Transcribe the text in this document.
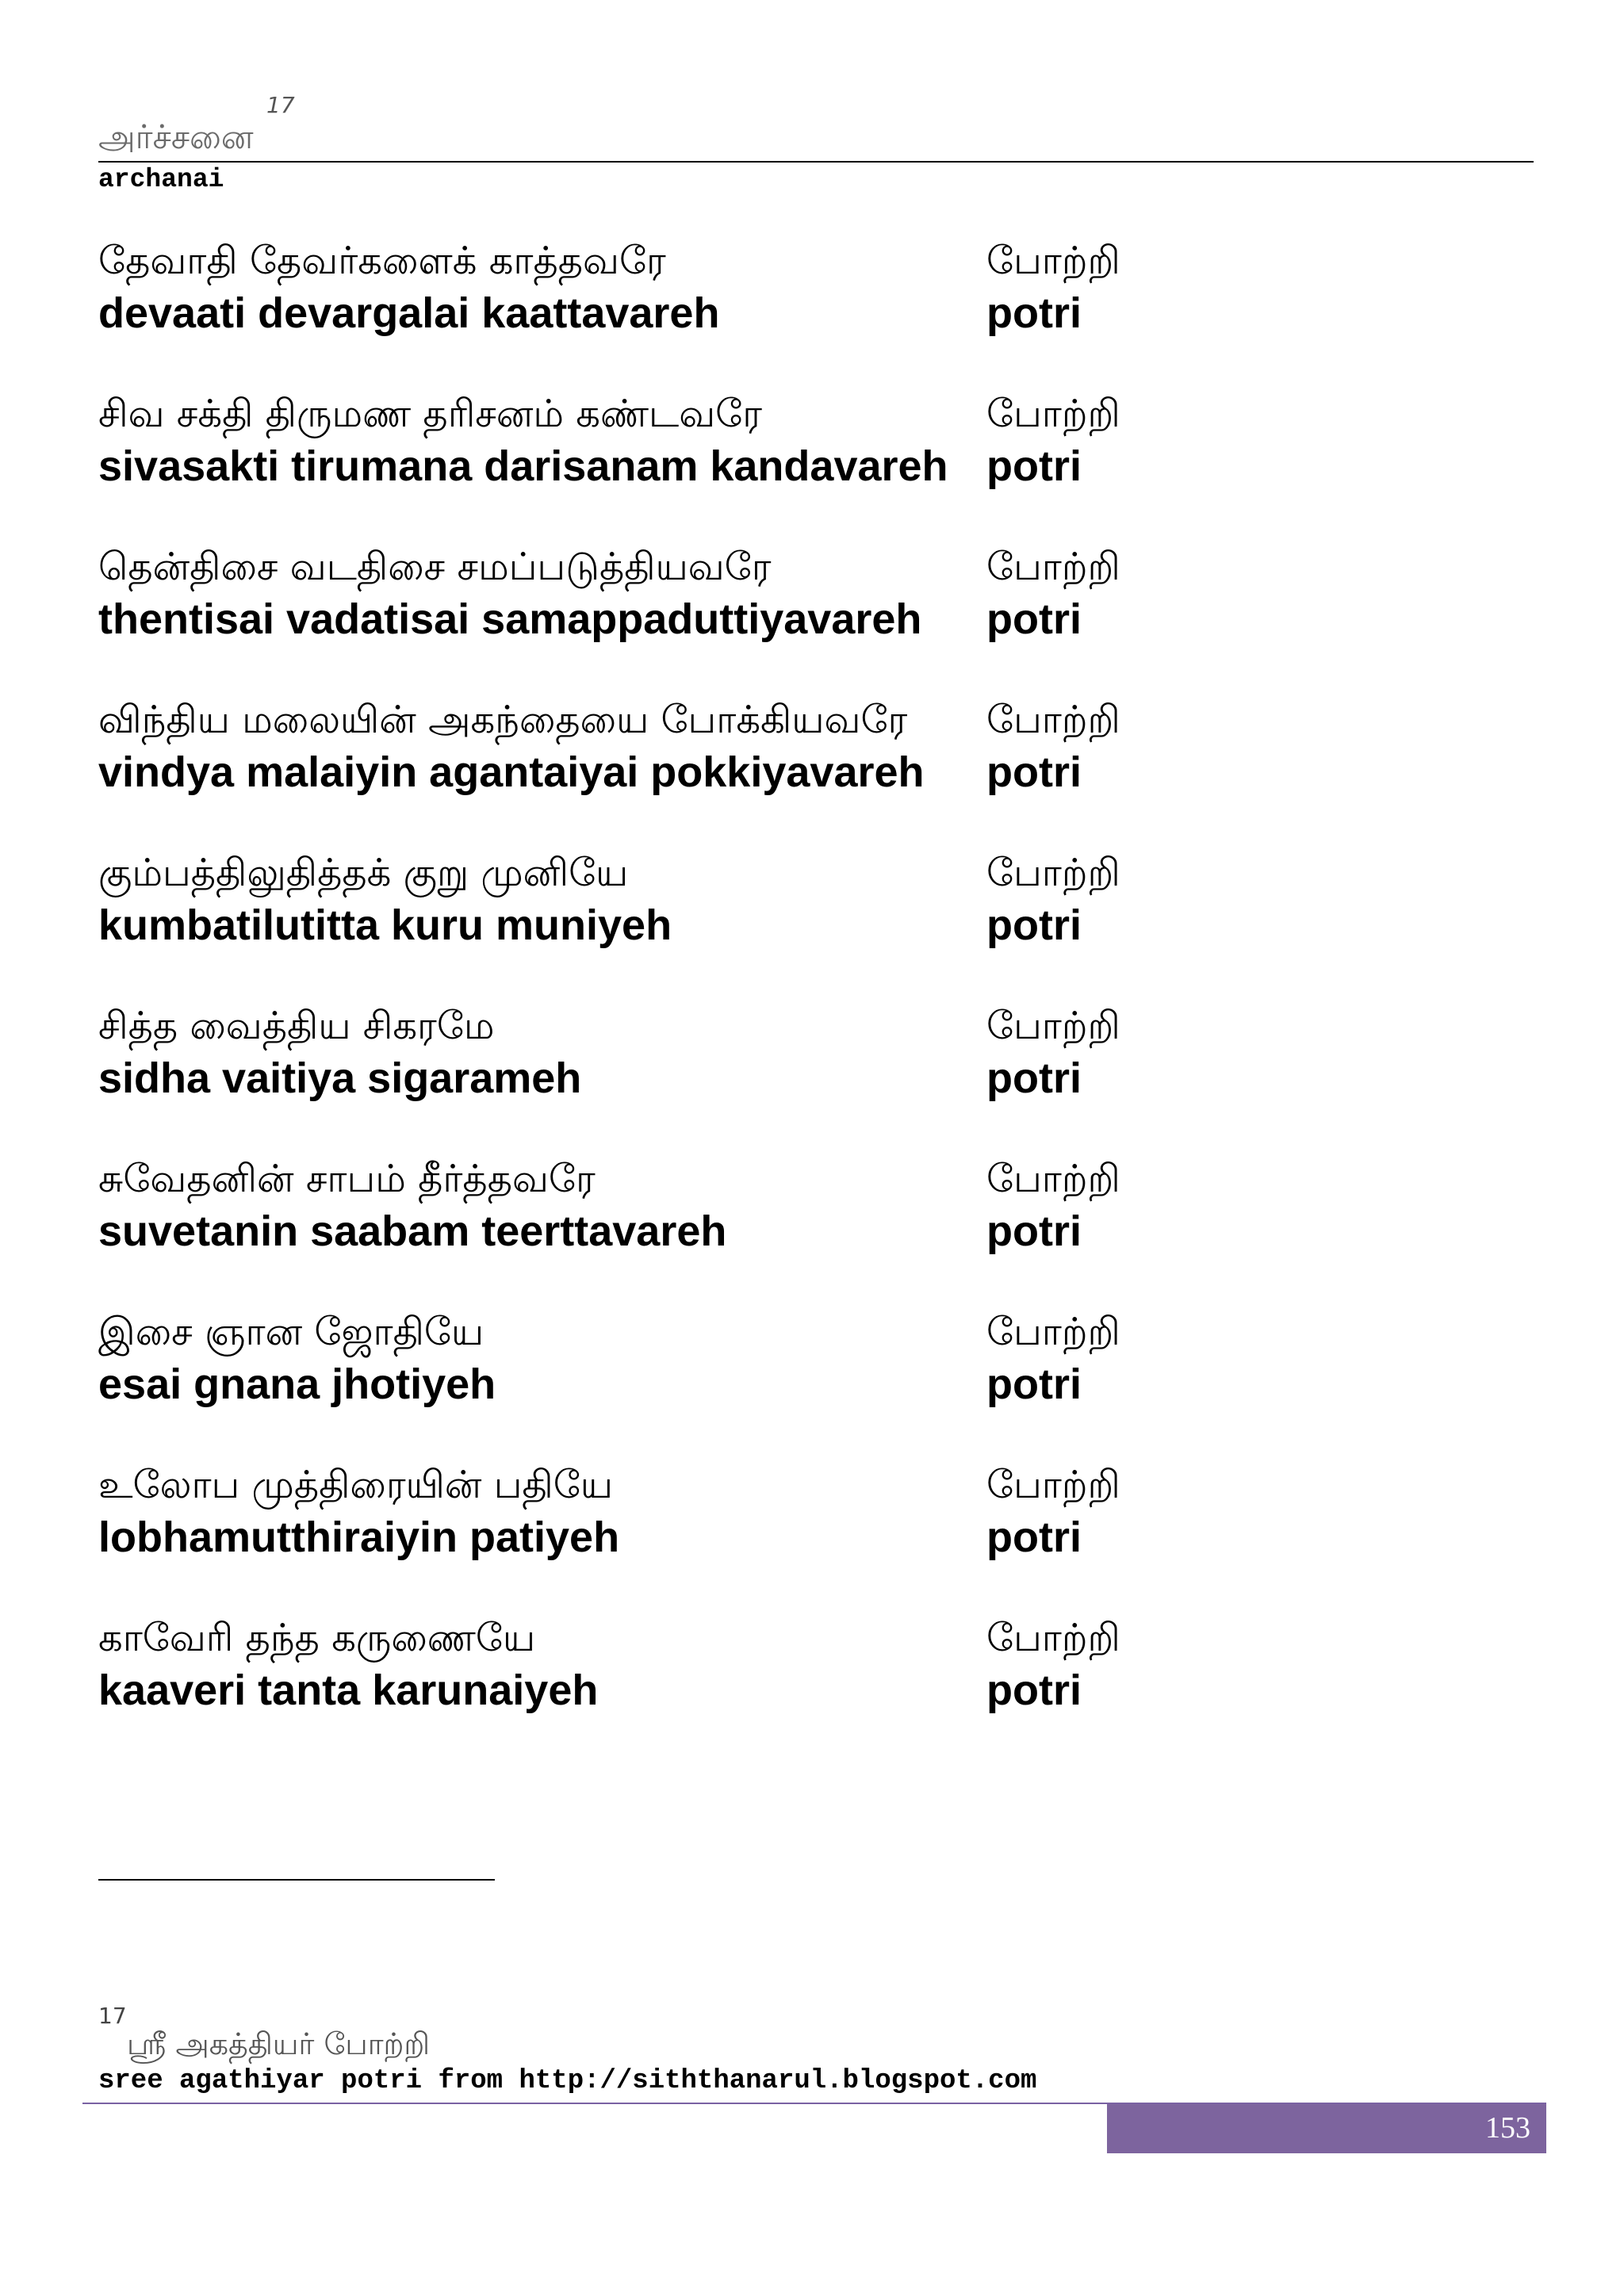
அர்ச்சனை
17
archanai
தேவாதி தேவர்களைக் காத்தவரே	போற்றி
devaati devargalai kaattavareh	potri
சிவ சக்தி திருமண தரிசனம் கண்டவரே	போற்றி
sivasakti tirumana darisanam kandavareh potri
தென்திசை வடதிசை சமப்படுத்தியவரே	போற்றி
thentisai vadatisai samappaduttiyavareh	potri
விந்திய மலையின் அகந்தையை போக்கியவரே	போற்றி
vindya malaiyin agantaiyai pokkiyavareh	potri
கும்பத்திலுதித்தக் குறு முனியே	போற்றி
kumbatilutitta kuru muniyeh	potri
சித்த வைத்திய சிகரமே	போற்றி
sidha vaitiya sigarameh	potri
சுவேதனின் சாபம் தீர்த்தவரே	போற்றி
suvetanin saabam teerttavareh	potri
இசை ஞான ஜோதியே	போற்றி
esai gnana jhotiyeh	potri
உலோப முத்திரையின் பதியே	போற்றி
lobhamutthiraiyin patiyeh	potri
காவேரி தந்த கருணையே	போற்றி
kaaveri tanta karunaiyeh	potri
17
ஸ்ரீ அகத்தியர் போற்றி
sree agathiyar potri from http://siththanarul.blogspot.com
153
